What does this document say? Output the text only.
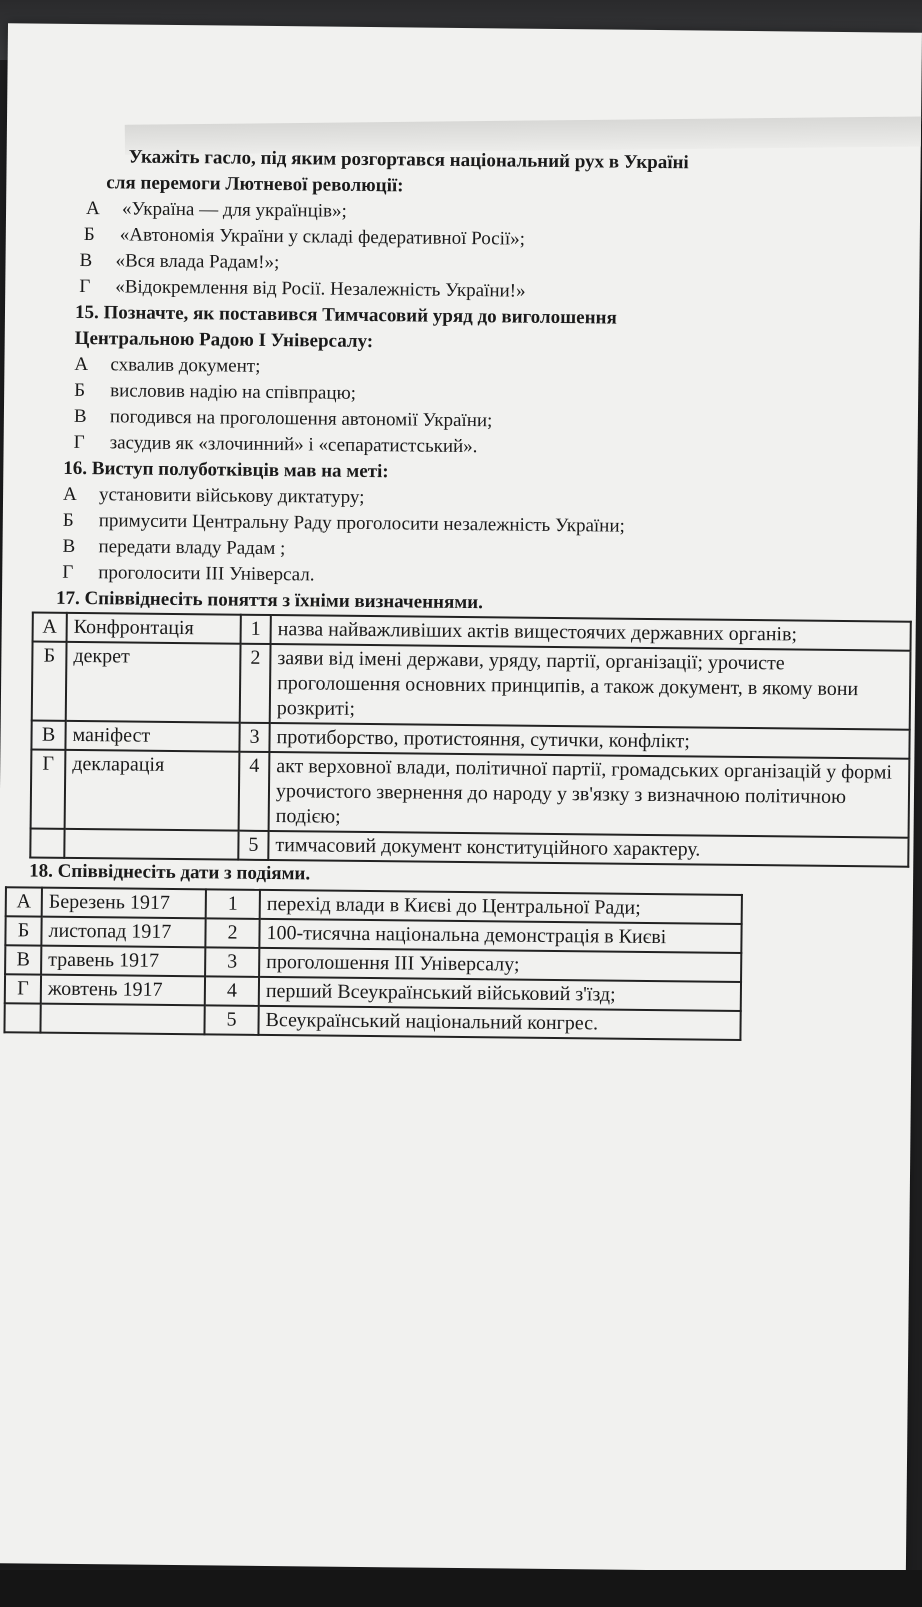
Укажіть гасло, під яким розгортався національний рух в Україні
сля перемоги Лютневої революції:
А	«Україна — для українців»;
Б	«Автономія України у складі федеративної Росії»;
В	«Вся влада Радам!»;
Г	«Відокремлення від Росії. Незалежність України!»
15. Позначте, як поставився Тимчасовий уряд до виголошення
Центральною Радою І Універсалу:
А	схвалив документ;
Б	висловив надію на співпрацю;
В	погодився на проголошення автономії України;
Г	засудив як «злочинний» і «сепаратистський».
16. Виступ полуботківців мав на меті:
А	установити військову диктатуру;
Б	примусити Центральну Раду проголосити незалежність України;
В	передати владу Радам ;
Г	проголосити ІІІ Універсал.
17. Співвіднесіть поняття з їхніми визначеннями.
А	Конфронтація	1	назва найважливіших актів вищестоячих державних органів;
Б	декрет	2	заяви від імені держави, уряду, партії, організації; урочисте проголошення основних принципів, а також документ, в якому вони розкриті;
В	маніфест	3	протиборство, протистояння, сутички, конфлікт;
Г	декларація	4	акт верховної влади, політичної партії, громадських організацій у формі урочистого звернення до народу у зв'язку з визначною політичною подією;
		5	тимчасовий документ конституційного характеру.
18. Співвіднесіть дати з подіями.
А	Березень 1917	1	перехід влади в Києві до Центральної Ради;
Б	листопад 1917	2	100-тисячна національна демонстрація в Києві
В	травень 1917	3	проголошення ІІІ Універсалу;
Г	жовтень 1917	4	перший Всеукраїнський військовий з'їзд;
		5	Всеукраїнський національний конгрес.
